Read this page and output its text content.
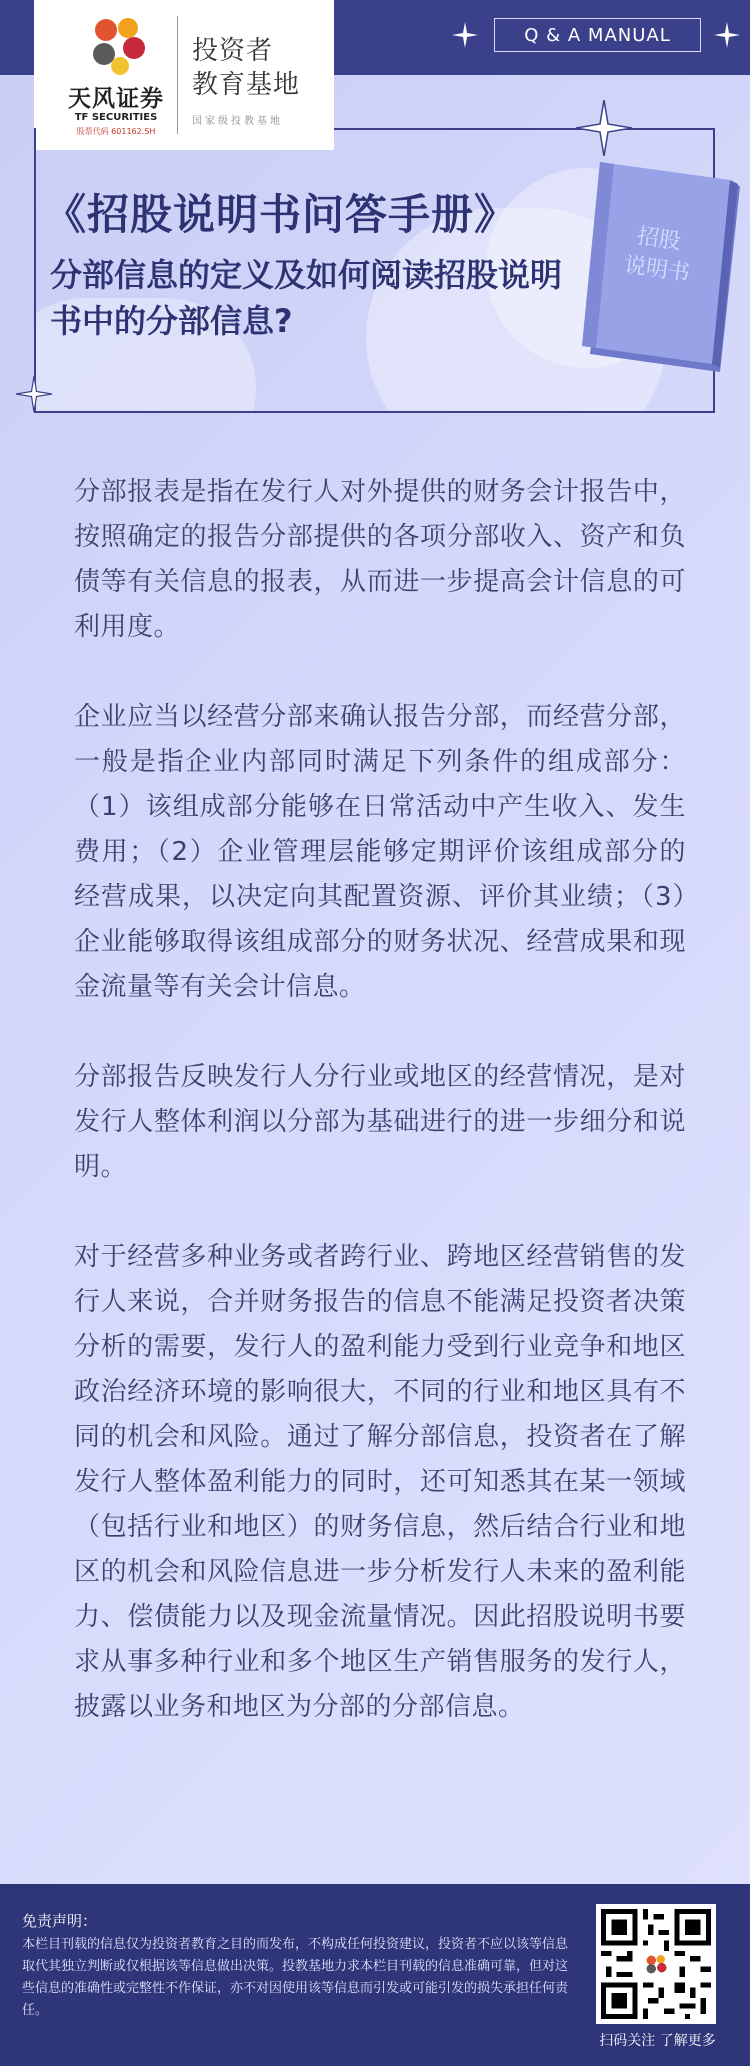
天风证券
TF SECURITIES
股票代码 601162.SH
投资者
教育基地
国家级投教基地
Q & A MANUAL
《招股说明书问答手册》
分部信息的定义及如何阅读招股说明书中的分部信息?
招股
说明书

分部报表是指在发行人对外提供的财务会计报告中，按照确定的报告分部提供的各项分部收入、资产和负债等有关信息的报表，从而进一步提高会计信息的可利用度。

企业应当以经营分部来确认报告分部，而经营分部，一般是指企业内部同时满足下列条件的组成部分：（1）该组成部分能够在日常活动中产生收入、发生费用；（2）企业管理层能够定期评价该组成部分的经营成果，以决定向其配置资源、评价其业绩；（3）企业能够取得该组成部分的财务状况、经营成果和现金流量等有关会计信息。

分部报告反映发行人分行业或地区的经营情况，是对发行人整体利润以分部为基础进行的进一步细分和说明。

对于经营多种业务或者跨行业、跨地区经营销售的发行人来说，合并财务报告的信息不能满足投资者决策分析的需要，发行人的盈利能力受到行业竞争和地区政治经济环境的影响很大，不同的行业和地区具有不同的机会和风险。通过了解分部信息，投资者在了解发行人整体盈利能力的同时，还可知悉其在某一领域（包括行业和地区）的财务信息，然后结合行业和地区的机会和风险信息进一步分析发行人未来的盈利能力、偿债能力以及现金流量情况。因此招股说明书要求从事多种行业和多个地区生产销售服务的发行人，披露以业务和地区为分部的分部信息。

免责声明：
本栏目刊载的信息仅为投资者教育之目的而发布，不构成任何投资建议，投资者不应以该等信息取代其独立判断或仅根据该等信息做出决策。投教基地力求本栏目刊载的信息准确可靠，但对这些信息的准确性或完整性不作保证，亦不对因使用该等信息而引发或可能引发的损失承担任何责任。
扫码关注 了解更多
